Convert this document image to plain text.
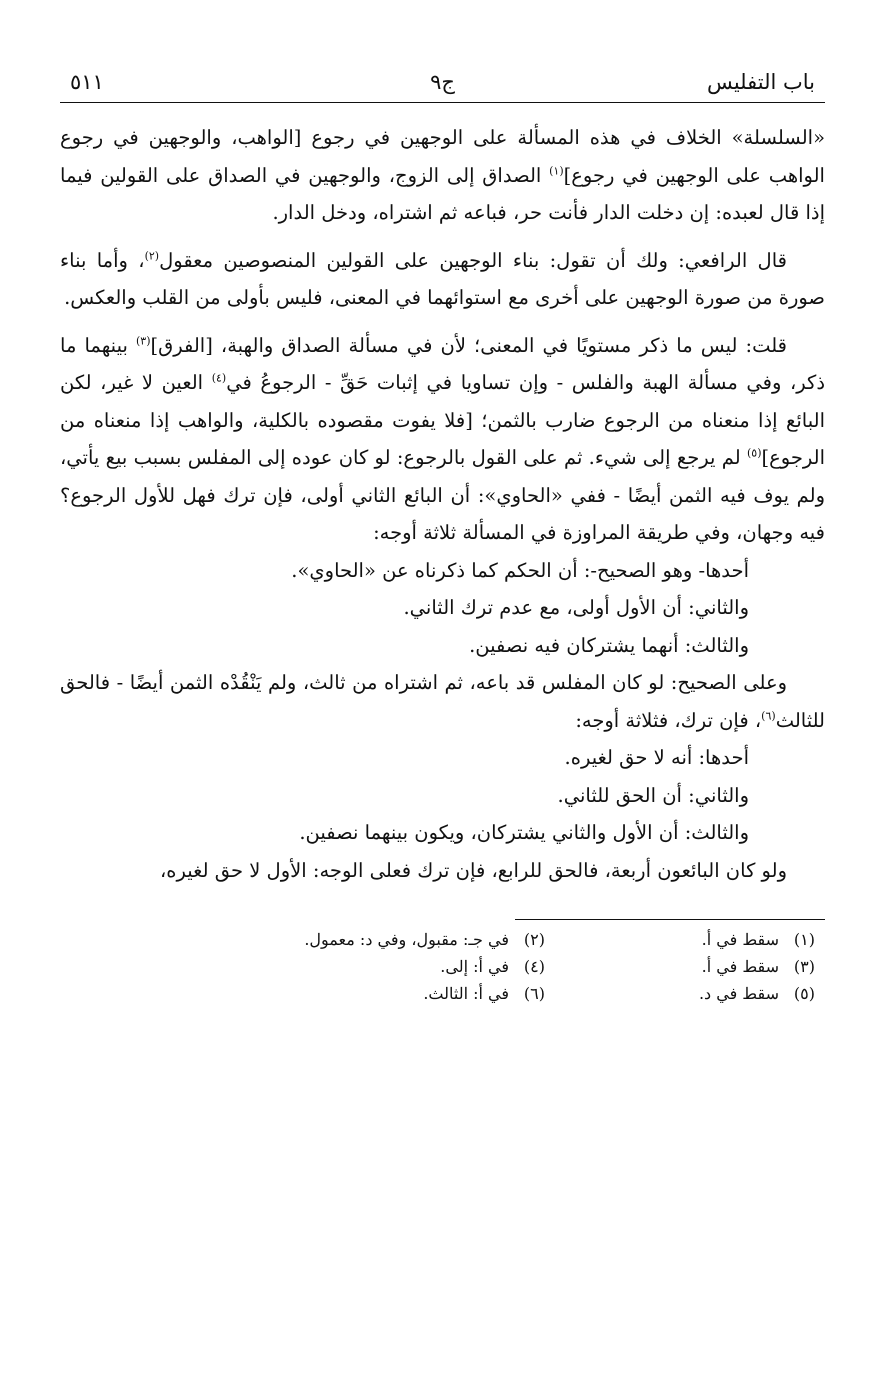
باب التفليس
ج٩
٥١١

«السلسلة» الخلاف في هذه المسألة على الوجهين في رجوع [الواهب، والوجهين في رجوع الواهب على الوجهين في رجوع]$^{(١)}$ الصداق إلى الزوج، والوجهين في الصداق على القولين فيما إذا قال لعبده: إن دخلت الدار فأنت حر، فباعه ثم اشتراه، ودخل الدار.

قال الرافعي: ولك أن تقول: بناء الوجهين على القولين المنصوصين معقول$^{(٢)}$، وأما بناء صورة من صورة الوجهين على أخرى مع استوائهما في المعنى، فليس بأولى من القلب والعكس.

قلت: ليس ما ذكر مستويًا في المعنى؛ لأن في مسألة الصداق والهبة، [الفرق]$^{(٣)}$ بينهما ما ذكر، وفي مسألة الهبة والفلس - وإن تساويا في إثبات حَقِّ - الرجوعُ في$^{(٤)}$ العين لا غير، لكن البائع إذا منعناه من الرجوع ضارب بالثمن؛ [فلا يفوت مقصوده بالكلية، والواهب إذا منعناه من الرجوع]$^{(٥)}$ لم يرجع إلى شيء. ثم على القول بالرجوع: لو كان عوده إلى المفلس بسبب بيع يأتي، ولم يوف فيه الثمن أيضًا - ففي «الحاوي»: أن البائع الثاني أولى، فإن ترك فهل للأول الرجوع؟ فيه وجهان، وفي طريقة المراوزة في المسألة ثلاثة أوجه:

أحدها- وهو الصحيح-: أن الحكم كما ذكرناه عن «الحاوي».

والثاني: أن الأول أولى، مع عدم ترك الثاني.

والثالث: أنهما يشتركان فيه نصفين.

وعلى الصحيح: لو كان المفلس قد باعه، ثم اشتراه من ثالث، ولم يَنْقُدْه الثمن أيضًا - فالحق للثالث$^{(٦)}$، فإن ترك، فثلاثة أوجه:

أحدها: أنه لا حق لغيره.

والثاني: أن الحق للثاني.

والثالث: أن الأول والثاني يشتركان، ويكون بينهما نصفين.

ولو كان البائعون أربعة، فالحق للرابع، فإن ترك فعلى الوجه: الأول لا حق لغيره،

(١)سقط في أ.
(٢)في جـ: مقبول، وفي د: معمول.
(٣)سقط في أ.
(٤)في أ: إلى.
(٥)سقط في د.
(٦)في أ: الثالث.
